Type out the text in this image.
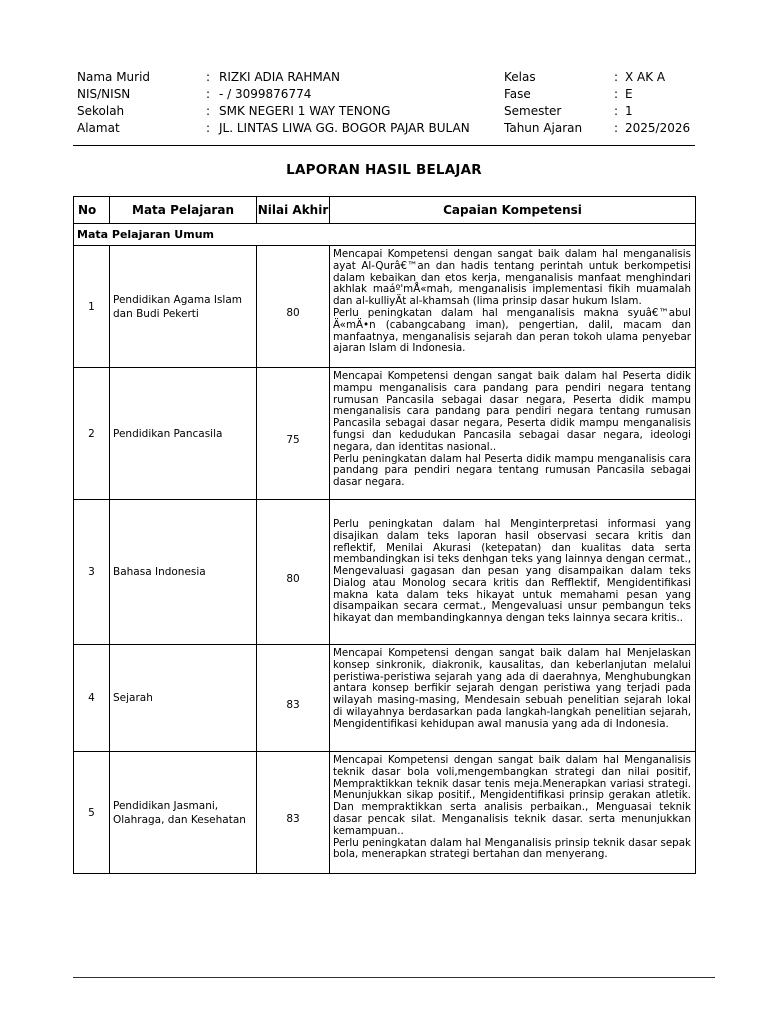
Nama Murid	: RIZKI ADIA RAHMAN	Kelas	: X AK A
NIS/NISN	: - / 3099876774	Fase	: E
Sekolah	: SMK NEGERI 1 WAY TENONG	Semester	: 1
Alamat	: JL. LINTAS LIWA GG. BOGOR PAJAR BULAN	Tahun Ajaran	: 2025/2026
LAPORAN HASIL BELAJAR
No	Mata Pelajaran	Nilai Akhir	Capaian Kompetensi
Mata Pelajaran Umum			
1	Pendidikan Agama Islam dan Budi Pekerti	80	Mencapai Kompetensi dengan sangat baik dalam hal menganalisis ayat Al-Qurâ€™an dan hadis tentang perintah untuk berkompetisi dalam kebaikan dan etos kerja, menganalisis manfaat menghindari akhlak maáº'mÅ«mah, menganalisis implementasi fikih muamalah dan al-kulliyÄt al-khamsah (lima prinsip dasar hukum Islam.

Perlu peningkatan dalam hal menganalisis makna syuâ€™abul Ä«mÄ•n (cabangcabang iman), pengertian, dalil, macam dan manfaatnya, menganalisis sejarah dan peran tokoh ulama penyebar ajaran Islam di Indonesia.

2	Pendidikan Pancasila	75	Mencapai Kompetensi dengan sangat baik dalam hal Peserta didik mampu menganalisis cara pandang para pendiri negara tentang rumusan Pancasila sebagai dasar negara, Peserta didik mampu menganalisis cara pandang para pendiri negara tentang rumusan Pancasila sebagai dasar negara, Peserta didik mampu menganalisis fungsi dan kedudukan Pancasila sebagai dasar negara, ideologi negara, dan identitas nasional..

Perlu peningkatan dalam hal Peserta didik mampu menganalisis cara pandang para pendiri negara tentang rumusan Pancasila sebagai dasar negara.

3	Bahasa Indonesia	80	Perlu peningkatan dalam hal Menginterpretasi informasi yang disajikan dalam teks laporan hasil observasi secara kritis dan reflektif, Menilai Akurasi (ketepatan) dan kualitas data serta membandingkan isi teks denhgan teks yang lainnya dengan cermat., Mengevaluasi gagasan dan pesan yang disampaikan dalam teks Dialog atau Monolog secara kritis dan Refflektif, Mengidentifikasi makna kata dalam teks hikayat untuk memahami pesan yang disampaikan secara cermat., Mengevaluasi unsur pembangun teks hikayat dan membandingkannya dengan teks lainnya secara kritis..

4	Sejarah	83	Mencapai Kompetensi dengan sangat baik dalam hal Menjelaskan konsep sinkronik, diakronik, kausalitas, dan keberlanjutan melalui peristiwa-peristiwa sejarah yang ada di daerahnya, Menghubungkan antara konsep berfikir sejarah dengan peristiwa yang terjadi pada wilayah masing-masing, Mendesain sebuah penelitian sejarah lokal di wilayahnya berdasarkan pada langkah-langkah penelitian sejarah, Mengidentifikasi kehidupan awal manusia yang ada di Indonesia.

5	Pendidikan Jasmani, Olahraga, dan Kesehatan	83	Mencapai Kompetensi dengan sangat baik dalam hal Menganalisis teknik dasar bola voli,mengembangkan strategi dan nilai positif, Mempraktikkan teknik dasar tenis meja.Menerapkan variasi strategi. Menunjukkan sikap positif., Mengidentifikasi prinsip gerakan atletik. Dan mempraktikkan serta analisis perbaikan., Menguasai teknik dasar pencak silat. Menganalisis teknik dasar. serta menunjukkan kemampuan..

Perlu peningkatan dalam hal Menganalisis prinsip teknik dasar sepak bola, menerapkan strategi bertahan dan menyerang.
